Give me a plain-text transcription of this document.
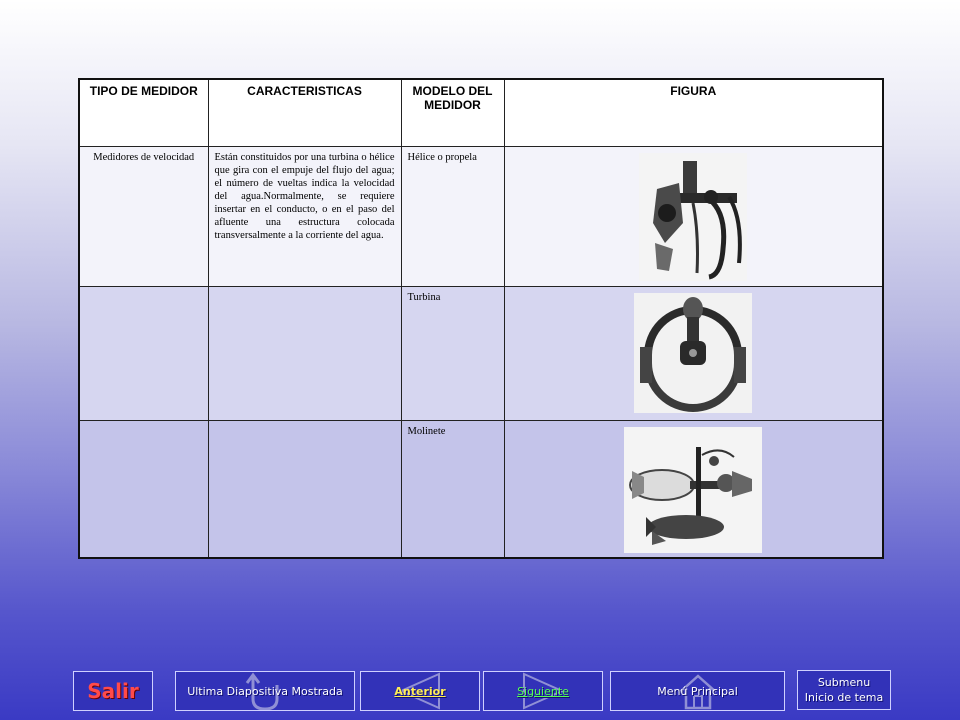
TIPO DE MEDIDOR	CARACTERISTICAS	MODELO DEL MEDIDOR	FIGURA
Medidores de velocidad	Están constituidos por una turbina o hélice que gira con el empuje del flujo del agua; el número de vueltas indica la velocidad del agua.Normalmente, se requiere insertar en el conducto, o en el paso del afluente una estructura colocada transversalmente a la corriente del agua.	Hélice o propela	

		Turbina	

		Molinete	
Salir	Ultima Diapositiva Mostrada	Anterior	Siguiente	Menú Principal
Submenu
Inicio de tema
